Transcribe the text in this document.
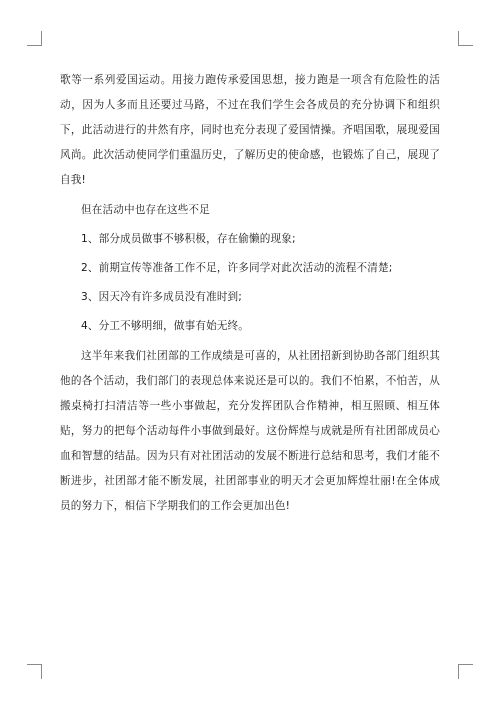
歌等一系列爱国运动。用接力跑传承爱国思想，接力跑是一项含有危险性的活动，因为人多而且还要过马路，不过在我们学生会各成员的充分协调下和组织下，此活动进行的井然有序，同时也充分表现了爱国情操。齐唱国歌，展现爱国风尚。此次活动使同学们重温历史，了解历史的使命感，也锻炼了自己，展现了自我!

但在活动中也存在这些不足

1、部分成员做事不够积极，存在偷懒的现象;

2、前期宣传等准备工作不足，许多同学对此次活动的流程不清楚;

3、因天冷有许多成员没有准时到;

4、分工不够明细，做事有始无终。

这半年来我们社团部的工作成绩是可喜的，从社团招新到协助各部门组织其他的各个活动，我们部门的表现总体来说还是可以的。我们不怕累，不怕苦，从搬桌椅打扫清洁等一些小事做起，充分发挥团队合作精神，相互照顾、相互体贴，努力的把每个活动每件小事做到最好。这份辉煌与成就是所有社团部成员心血和智慧的结晶。因为只有对社团活动的发展不断进行总结和思考，我们才能不断进步，社团部才能不断发展，社团部事业的明天才会更加辉煌壮丽!在全体成员的努力下，相信下学期我们的工作会更加出色!
